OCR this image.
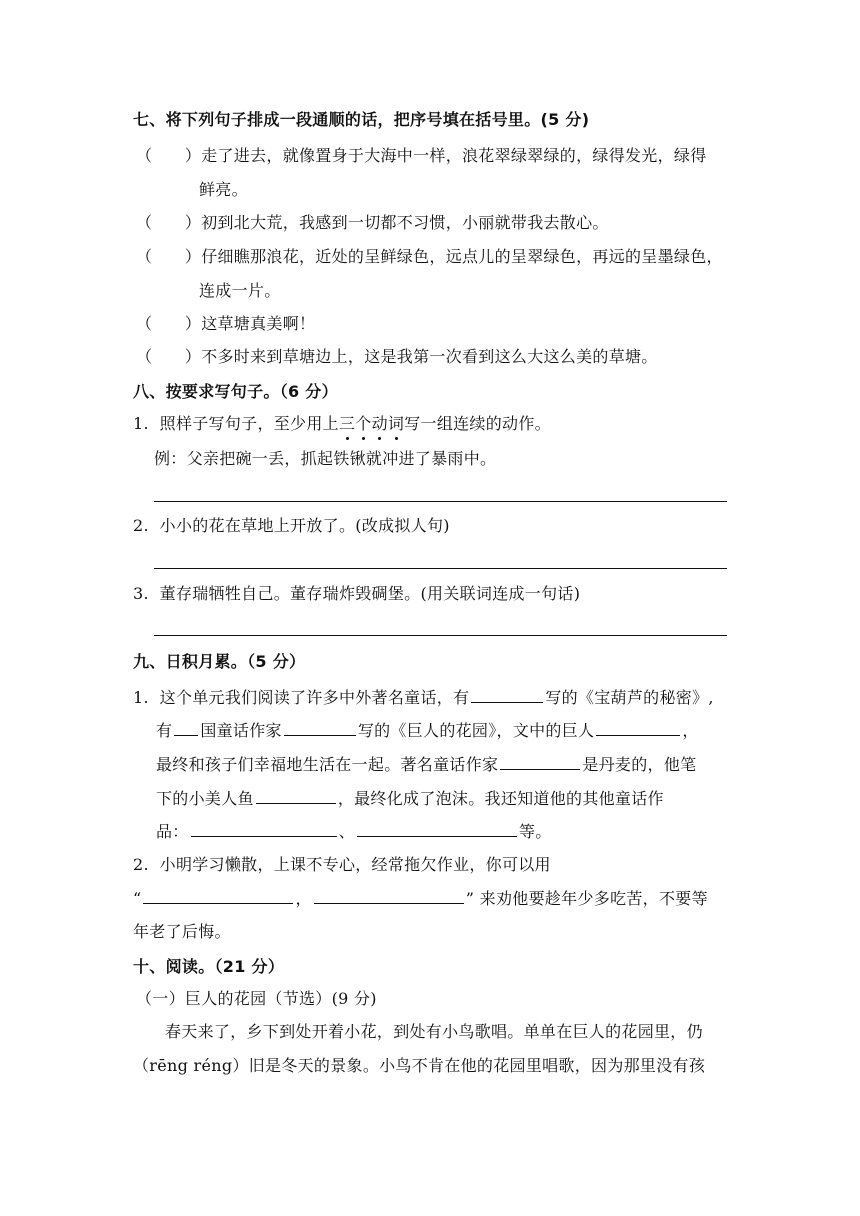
七、将下列句子排成一段通顺的话，把序号填在括号里。(5 分)
（　　）走了进去，就像置身于大海中一样，浪花翠绿翠绿的，绿得发光，绿得
鲜亮。
（　　）初到北大荒，我感到一切都不习惯，小丽就带我去散心。
（　　）仔细瞧那浪花，近处的呈鲜绿色，远点儿的呈翠绿色，再远的呈墨绿色，
连成一片。
（　　）这草塘真美啊！
（　　）不多时来到草塘边上，这是我第一次看到这么大这么美的草塘。
八、按要求写句子。（6 分）
1. 照样子写句子，至少用上三个动词写一组连续的动作。
例：父亲把碗一丢，抓起铁锹就冲进了暴雨中。
2. 小小的花在草地上开放了。(改成拟人句)
3. 董存瑞牺牲自己。董存瑞炸毁碉堡。(用关联词连成一句话)
九、日积月累。（5 分）
1. 这个单元我们阅读了许多中外著名童话，有	写的《宝葫芦的秘密》,
有 国童话作家	写的《巨人的花园》，文中的巨人	，
最终和孩子们幸福地生活在一起。著名童话作家	是丹麦的，他笔
下的小美人鱼	，最终化成了泡沫。我还知道他的其他童话作
品：	、	等。
2. 小明学习懒散，上课不专心，经常拖欠作业，你可以用
“	，	” 来劝他要趁年少多吃苦，不要等
年老了后悔。
十、阅读。（21 分）
（一）巨人的花园（节选）(9 分)
春天来了，乡下到处开着小花，到处有小鸟歌唱。单单在巨人的花园里，仍
（rēng réng）旧是冬天的景象。小鸟不肯在他的花园里唱歌，因为那里没有孩
